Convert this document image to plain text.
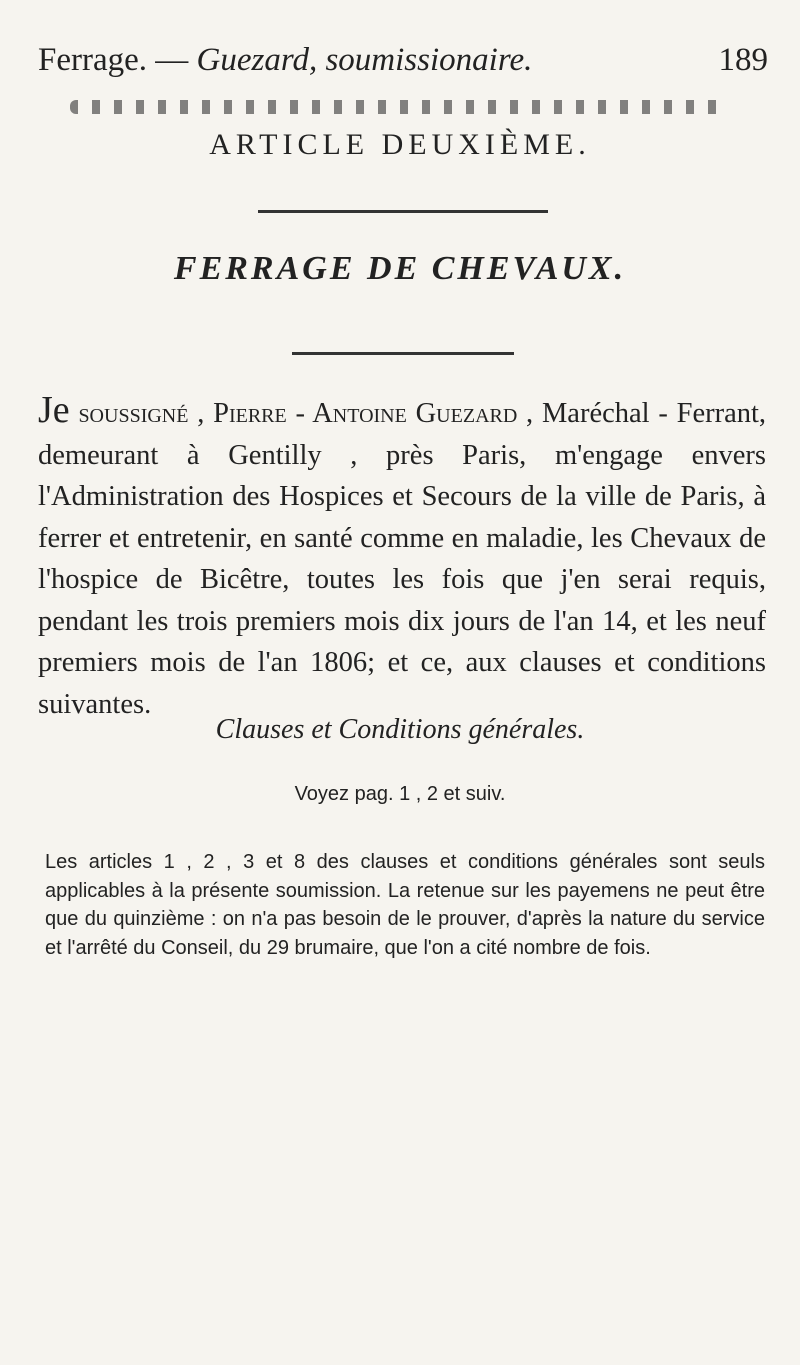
Ferrage. — Guezard, soumissionaire.	189
ARTICLE DEUXIÈME.
FERRAGE DE CHEVAUX.
Je soussigné , Pierre - Antoine Guezard , Maréchal - Ferrant, demeurant à Gentilly , près Paris, m'engage envers l'Administration des Hospices et Secours de la ville de Paris, à ferrer et entretenir, en santé comme en maladie, les Chevaux de l'hospice de Bicêtre, toutes les fois que j'en serai requis, pendant les trois premiers mois dix jours de l'an 14, et les neuf premiers mois de l'an 1806; et ce, aux clauses et conditions suivantes.
Clauses et Conditions générales.
Voyez pag. 1 , 2 et suiv.
Les articles 1 , 2 , 3 et 8 des clauses et conditions générales sont seuls applicables à la présente soumission. La retenue sur les payemens ne peut être que du quinzième : on n'a pas besoin de le prouver, d'après la nature du service et l'arrêté du Conseil, du 29 brumaire, que l'on a cité nombre de fois.
